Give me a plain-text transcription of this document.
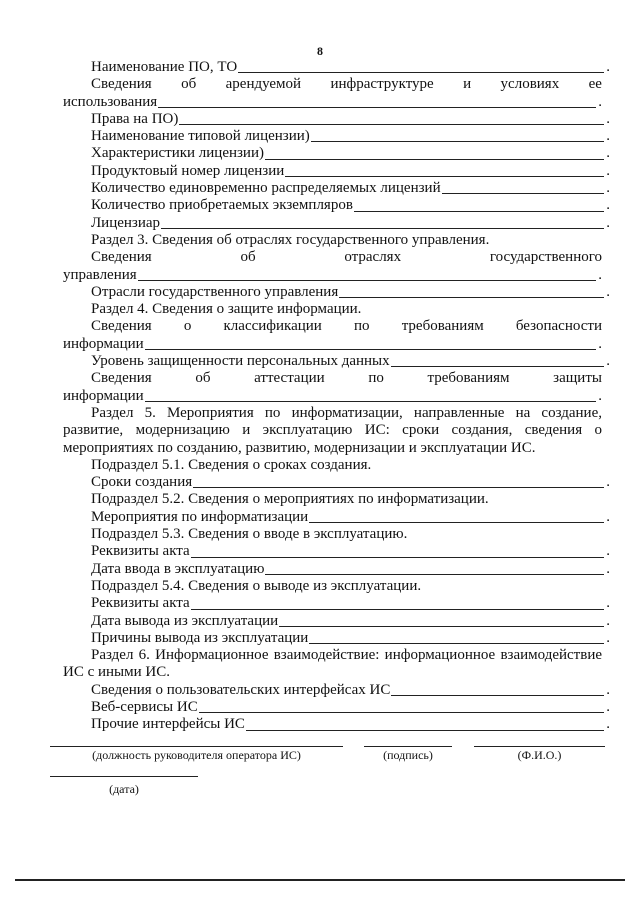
8
Наименование ПО, ТО	.
Сведения об арендуемой инфраструктуре и условиях ее
использования	.
Права на ПО)	.
Наименование типовой лицензии)	.
Характеристики лицензии)	.
Продуктовый номер лицензии	.
Количество единовременно распределяемых лицензий	.
Количество приобретаемых экземпляров	.
Лицензиар	.
Раздел 3. Сведения об отраслях государственного управления.
Сведения	об	отраслях	государственного
управления	.
Отрасли государственного управления	.
Раздел 4. Сведения о защите информации.
Сведения о классификации по требованиям безопасности
информации	.
Уровень защищенности персональных данных	.
Сведения	об	аттестации	по	требованиям	защиты
информации	.
Раздел 5. Мероприятия по информатизации, направленные на создание, развитие, модернизацию и эксплуатацию ИС: сроки создания, сведения о мероприятиях по созданию, развитию, модернизации и эксплуатации ИС.
Подраздел 5.1. Сведения о сроках создания.
Сроки создания	.
Подраздел 5.2. Сведения о мероприятиях по информатизации.
Мероприятия по информатизации	.
Подраздел 5.3. Сведения о вводе в эксплуатацию.
Реквизиты акта	.
Дата ввода в эксплуатацию	.
Подраздел 5.4. Сведения о выводе из эксплуатации.
Реквизиты акта	.
Дата вывода из эксплуатации	.
Причины вывода из эксплуатации	.
Раздел 6. Информационное взаимодействие: информационное взаимодействие ИС с иными ИС.
Сведения о пользовательских интерфейсах ИС	.
Веб-сервисы ИС	.
Прочие интерфейсы ИС	.
(должность руководителя оператора ИС)	(подпись)	(Ф.И.О.)
(дата)
